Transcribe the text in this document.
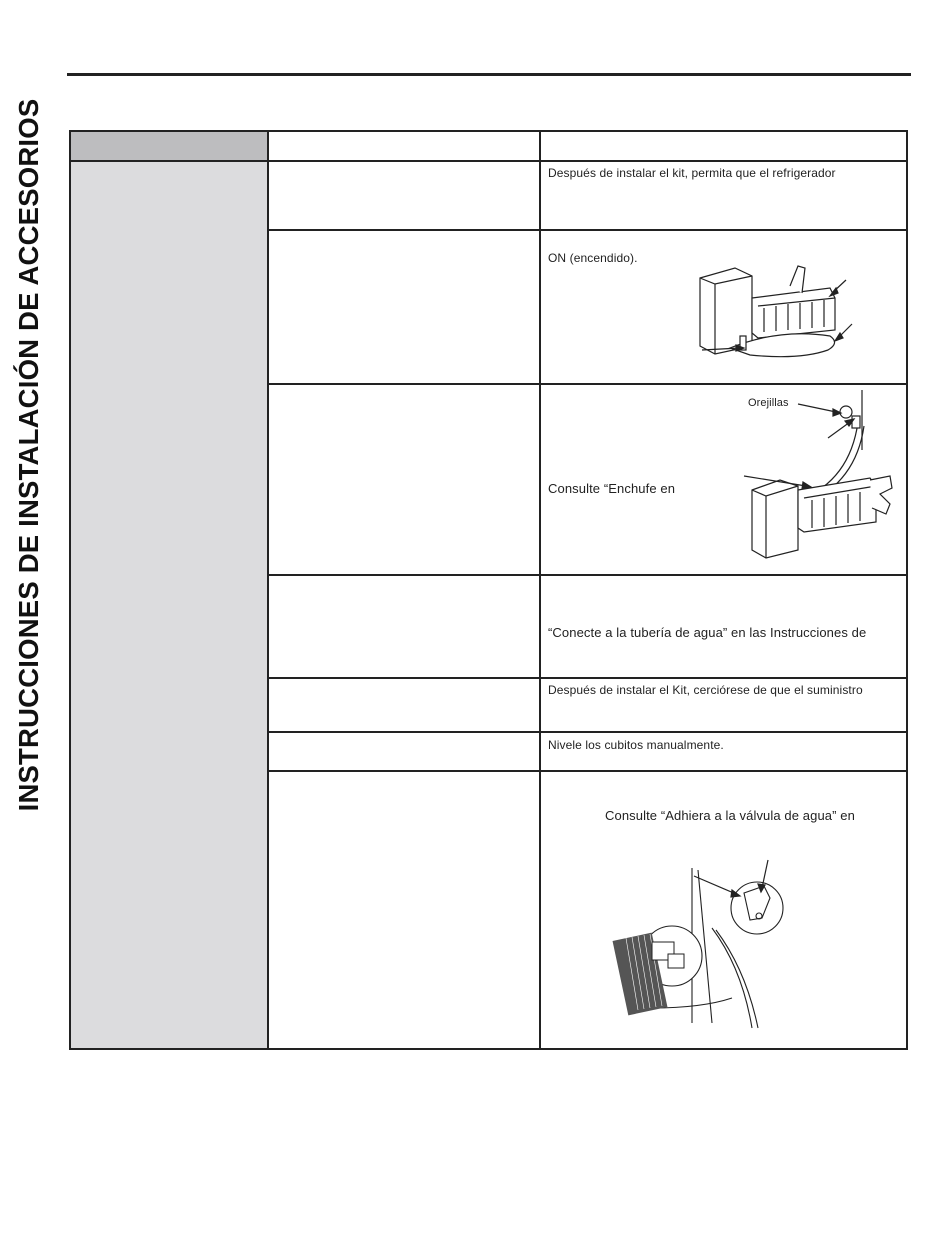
INSTRUCCIONES DE INSTALACIÓN DE ACCESORIOS	Después de instalar el kit, permita que el refrigerador
ON (encendido).
Consulte “Enchufe en
Orejillas
“Conecte a la tubería de agua” en las Instrucciones de
Después de instalar el Kit, cerciórese de que el suministro
Nivele los cubitos manualmente.
Consulte “Adhiera a la válvula de agua” en
